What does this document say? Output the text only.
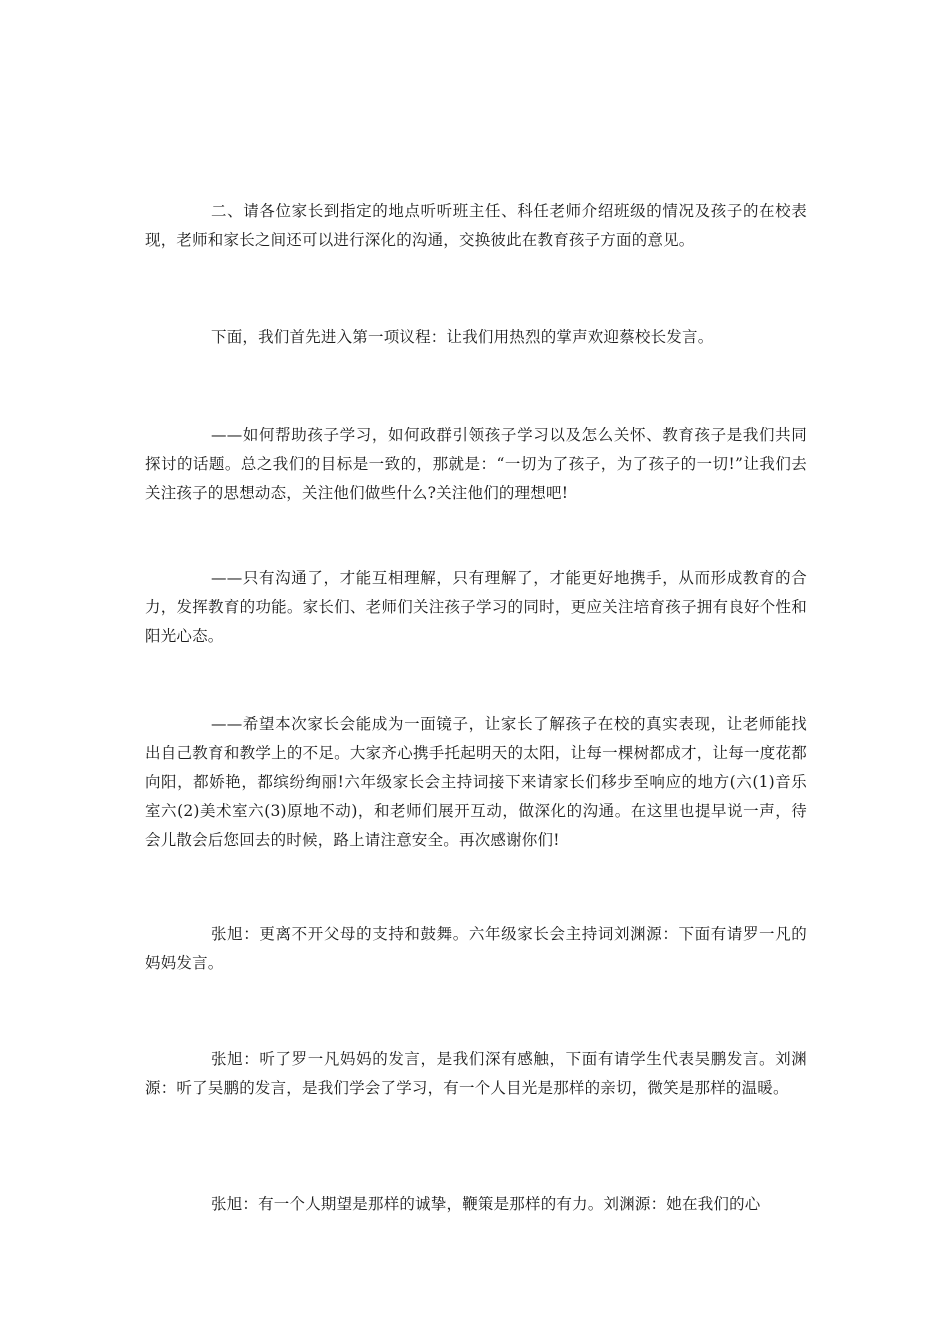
二、请各位家长到指定的地点听听班主任、科任老师介绍班级的情况及孩子的在校表现，老师和家长之间还可以进行深化的沟通，交换彼此在教育孩子方面的意见。

下面，我们首先进入第一项议程：让我们用热烈的掌声欢迎蔡校长发言。

——如何帮助孩子学习，如何政群引领孩子学习以及怎么关怀、教育孩子是我们共同探讨的话题。总之我们的目标是一致的，那就是：“一切为了孩子，为了孩子的一切!”让我们去关注孩子的思想动态，关注他们做些什么?关注他们的理想吧!

——只有沟通了，才能互相理解，只有理解了，才能更好地携手，从而形成教育的合力，发挥教育的功能。家长们、老师们关注孩子学习的同时，更应关注培育孩子拥有良好个性和阳光心态。

——希望本次家长会能成为一面镜子，让家长了解孩子在校的真实表现，让老师能找出自己教育和教学上的不足。大家齐心携手托起明天的太阳，让每一棵树都成才，让每一度花都向阳，都娇艳，都缤纷绚丽!六年级家长会主持词接下来请家长们移步至响应的地方(六(1)音乐室六(2)美术室六(3)原地不动)，和老师们展开互动，做深化的沟通。在这里也提早说一声，待会儿散会后您回去的时候，路上请注意安全。再次感谢你们!

张旭：更离不开父母的支持和鼓舞。六年级家长会主持词刘渊源：下面有请罗一凡的妈妈发言。

张旭：听了罗一凡妈妈的发言，是我们深有感触，下面有请学生代表吴鹏发言。刘渊源：听了吴鹏的发言，是我们学会了学习，有一个人目光是那样的亲切，微笑是那样的温暖。

张旭：有一个人期望是那样的诚挚，鞭策是那样的有力。刘渊源：她在我们的心
